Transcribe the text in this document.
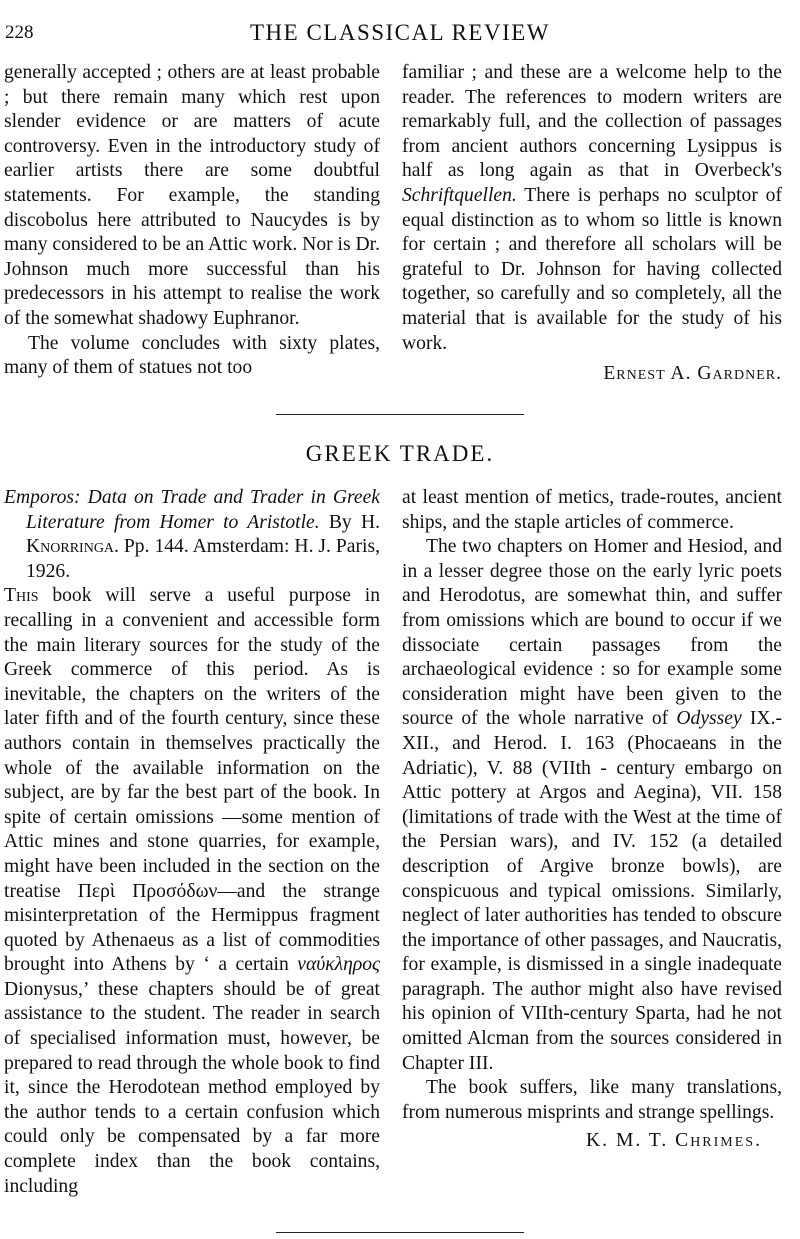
228	THE CLASSICAL REVIEW

generally accepted ; others are at least probable ; but there remain many which rest upon slender evidence or are matters of acute controversy. Even in the introductory study of earlier artists there are some doubtful statements. For example, the standing discobolus here attributed to Naucydes is by many considered to be an Attic work. Nor is Dr. Johnson much more successful than his predecessors in his attempt to realise the work of the somewhat shadowy Euphranor.

The volume concludes with sixty plates, many of them of statues not too

familiar ; and these are a welcome help to the reader. The references to modern writers are remarkably full, and the collection of passages from ancient authors concerning Lysippus is half as long again as that in Overbeck's Schriftquellen. There is perhaps no sculptor of equal distinction as to whom so little is known for certain ; and therefore all scholars will be grateful to Dr. Johnson for having collected together, so carefully and so completely, all the material that is available for the study of his work.

Ernest A. Gardner.

GREEK TRADE.

Emporos: Data on Trade and Trader in Greek Literature from Homer to Aristotle. By H. Knorringa. Pp. 144. Amsterdam: H. J. Paris, 1926.

This book will serve a useful purpose in recalling in a convenient and accessible form the main literary sources for the study of the Greek commerce of this period. As is inevitable, the chapters on the writers of the later fifth and of the fourth century, since these authors contain in themselves practically the whole of the available information on the subject, are by far the best part of the book. In spite of certain omissions —some mention of Attic mines and stone quarries, for example, might have been included in the section on the treatise Περὶ Προσόδων—and the strange misinterpretation of the Hermippus fragment quoted by Athenaeus as a list of commodities brought into Athens by ‘ a certain ναύκληρος Dionysus,’ these chapters should be of great assistance to the student. The reader in search of specialised information must, however, be prepared to read through the whole book to find it, since the Herodotean method employed by the author tends to a certain confusion which could only be compensated by a far more complete index than the book contains, including

at least mention of metics, trade-routes, ancient ships, and the staple articles of commerce.

The two chapters on Homer and Hesiod, and in a lesser degree those on the early lyric poets and Herodotus, are somewhat thin, and suffer from omissions which are bound to occur if we dissociate certain passages from the archaeological evidence : so for example some consideration might have been given to the source of the whole narrative of Odyssey IX.-XII., and Herod. I. 163 (Phocaeans in the Adriatic), V. 88 (VIIth - century embargo on Attic pottery at Argos and Aegina), VII. 158 (limitations of trade with the West at the time of the Persian wars), and IV. 152 (a detailed description of Argive bronze bowls), are conspicuous and typical omissions. Similarly, neglect of later authorities has tended to obscure the importance of other passages, and Naucratis, for example, is dismissed in a single inadequate paragraph. The author might also have revised his opinion of VIIth-century Sparta, had he not omitted Alcman from the sources considered in Chapter III.

The book suffers, like many translations, from numerous misprints and strange spellings.

K. M. T. Chrimes.
